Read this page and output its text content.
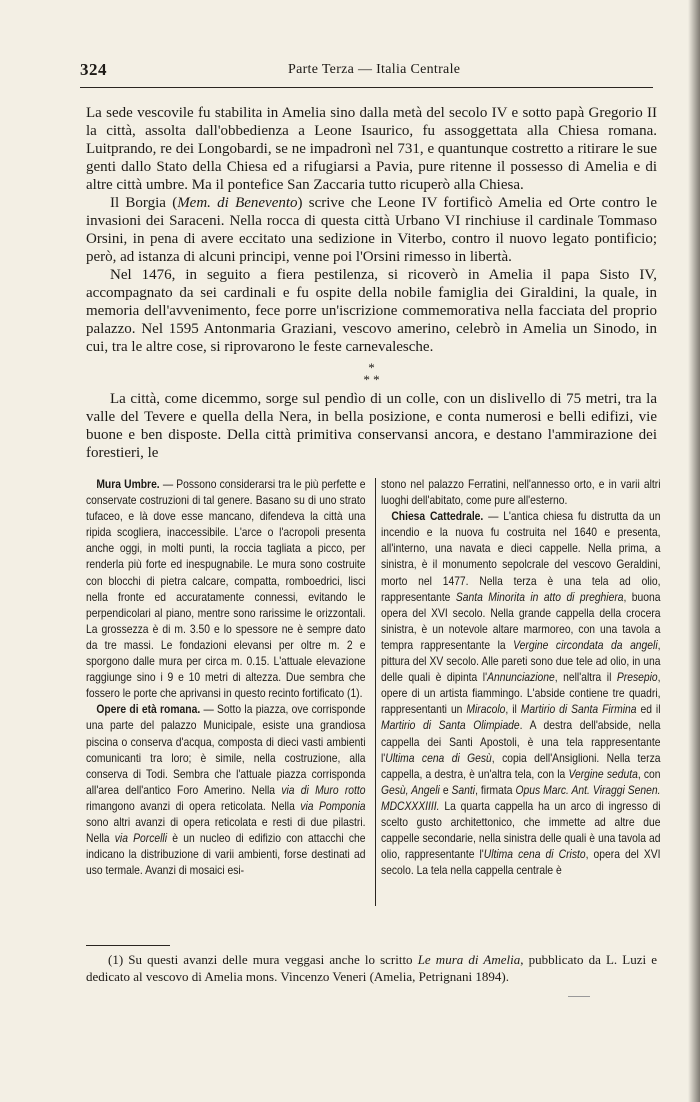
324	Parte Terza — Italia Centrale

La sede vescovile fu stabilita in Amelia sino dalla metà del secolo IV e sotto papà Gregorio II la città, assolta dall'obbedienza a Leone Isaurico, fu assoggettata alla Chiesa romana. Luitprando, re dei Longobardi, se ne impadronì nel 731, e quantunque costretto a ritirare le sue genti dallo Stato della Chiesa ed a rifugiarsi a Pavia, pure ritenne il possesso di Amelia e di altre città umbre. Ma il pontefice San Zaccaria tutto ricuperò alla Chiesa.

Il Borgia (Mem. di Benevento) scrive che Leone IV fortificò Amelia ed Orte contro le invasioni dei Saraceni. Nella rocca di questa città Urbano VI rinchiuse il cardinale Tommaso Orsini, in pena di avere eccitato una sedizione in Viterbo, contro il nuovo legato pontificio; però, ad istanza di alcuni principi, venne poi l'Orsini rimesso in libertà.

Nel 1476, in seguito a fiera pestilenza, si ricoverò in Amelia il papa Sisto IV, accompagnato da sei cardinali e fu ospite della nobile famiglia dei Giraldini, la quale, in memoria dell'avvenimento, fece porre un'iscrizione commemorativa nella facciata del proprio palazzo. Nel 1595 Antonmaria Graziani, vescovo amerino, celebrò in Amelia un Sinodo, in cui, tra le altre cose, si riprovarono le feste carnevalesche.

*
* *

La città, come dicemmo, sorge sul pendìo di un colle, con un dislivello di 75 metri, tra la valle del Tevere e quella della Nera, in bella posizione, e conta numerosi e belli edifizi, vie buone e ben disposte. Della città primitiva conservansi ancora, e destano l'ammirazione dei forestieri, le

Mura Umbre. — Possono considerarsi tra le più perfette e conservate costruzioni di tal genere. Basano su di uno strato tufaceo, e là dove esse mancano, difendeva la città una ripida scogliera, inaccessibile. L'arce o l'acropoli presenta anche oggi, in molti punti, la roccia tagliata a picco, per renderla più forte ed inespugnabile. Le mura sono costruite con blocchi di pietra calcare, compatta, romboedrici, lisci nella fronte ed accuratamente connessi, evitando le perpendicolari al piano, mentre sono rarissime le orizzontali. La grossezza è di m. 3.50 e lo spessore ne è sempre dato da tre massi. Le fondazioni elevansi per oltre m. 2 e sporgono dalle mura per circa m. 0.15. L'attuale elevazione raggiunge sino i 9 e 10 metri di altezza. Due sembra che fossero le porte che aprivansi in questo recinto fortificato (1).

Opere di età romana. — Sotto la piazza, ove corrisponde una parte del palazzo Municipale, esiste una grandiosa piscina o conserva d'acqua, composta di dieci vasti ambienti comunicanti tra loro; è simile, nella costruzione, alla conserva di Todi. Sembra che l'attuale piazza corrisponda all'area dell'antico Foro Amerino. Nella via di Muro rotto rimangono avanzi di opera reticolata. Nella via Pomponia sono altri avanzi di opera reticolata e resti di due pilastri. Nella via Porcelli è un nucleo di edifizio con attacchi che indicano la distribuzione di varii ambienti, forse destinati ad uso termale. Avanzi di mosaici esi-

stono nel palazzo Ferratini, nell'annesso orto, e in varii altri luoghi dell'abitato, come pure all'esterno.

Chiesa Cattedrale. — L'antica chiesa fu distrutta da un incendio e la nuova fu costruita nel 1640 e presenta, all'interno, una navata e dieci cappelle. Nella prima, a sinistra, è il monumento sepolcrale del vescovo Geraldini, morto nel 1477. Nella terza è una tela ad olio, rappresentante Santa Minorita in atto di preghiera, buona opera del XVI secolo. Nella grande cappella della crocera sinistra, è un notevole altare marmoreo, con una tavola a tempra rappresentante la Vergine circondata da angeli, pittura del XV secolo. Alle pareti sono due tele ad olio, in una delle quali è dipinta l'Annunciazione, nell'altra il Presepio, opere di un artista fiammingo. L'abside contiene tre quadri, rappresentanti un Miracolo, il Martirio di Santa Firmina ed il Martirio di Santa Olimpiade. A destra dell'abside, nella cappella dei Santi Apostoli, è una tela rappresentante l'Ultima cena di Gesù, copia dell'Ansiglioni. Nella terza cappella, a destra, è un'altra tela, con la Vergine seduta, con Gesù, Angeli e Santi, firmata Opus Marc. Ant. Viraggi Senen. MDCXXXIIII. La quarta cappella ha un arco di ingresso di scelto gusto architettonico, che immette ad altre due cappelle secondarie, nella sinistra delle quali è una tavola ad olio, rappresentante l'Ultima cena di Cristo, opera del XVI secolo. La tela nella cappella centrale è

(1) Su questi avanzi delle mura veggasi anche lo scritto Le mura di Amelia, pubblicato da L. Luzi e dedicato al vescovo di Amelia mons. Vincenzo Veneri (Amelia, Petrignani 1894).
